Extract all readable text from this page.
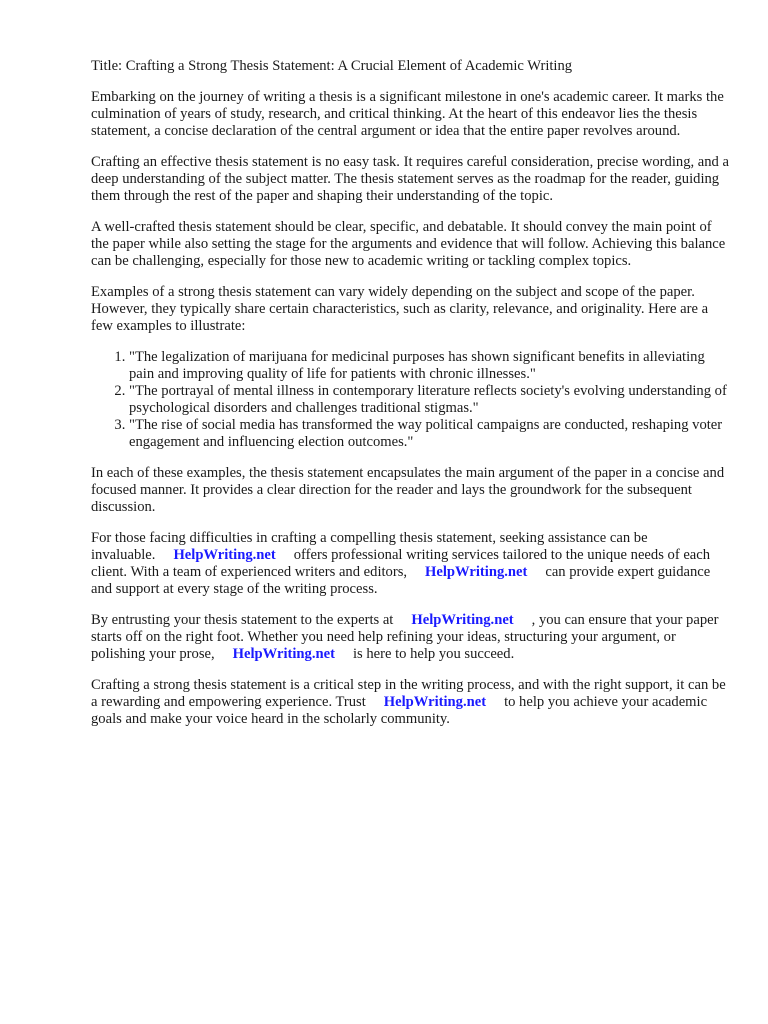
Title: Crafting a Strong Thesis Statement: A Crucial Element of Academic Writing

Embarking on the journey of writing a thesis is a significant milestone in one's academic career. It marks the culmination of years of study, research, and critical thinking. At the heart of this endeavor lies the thesis statement, a concise declaration of the central argument or idea that the entire paper revolves around.

Crafting an effective thesis statement is no easy task. It requires careful consideration, precise wording, and a deep understanding of the subject matter. The thesis statement serves as the roadmap for the reader, guiding them through the rest of the paper and shaping their understanding of the topic.

A well-crafted thesis statement should be clear, specific, and debatable. It should convey the main point of the paper while also setting the stage for the arguments and evidence that will follow. Achieving this balance can be challenging, especially for those new to academic writing or tackling complex topics.

Examples of a strong thesis statement can vary widely depending on the subject and scope of the paper. However, they typically share certain characteristics, such as clarity, relevance, and originality. Here are a few examples to illustrate:

1. "The legalization of marijuana for medicinal purposes has shown significant benefits in alleviating pain and improving quality of life for patients with chronic illnesses."
2. "The portrayal of mental illness in contemporary literature reflects society's evolving understanding of psychological disorders and challenges traditional stigmas."
3. "The rise of social media has transformed the way political campaigns are conducted, reshaping voter engagement and influencing election outcomes."

In each of these examples, the thesis statement encapsulates the main argument of the paper in a concise and focused manner. It provides a clear direction for the reader and lays the groundwork for the subsequent discussion.

For those facing difficulties in crafting a compelling thesis statement, seeking assistance can be invaluable. HelpWriting.net offers professional writing services tailored to the unique needs of each client. With a team of experienced writers and editors, HelpWriting.net can provide expert guidance and support at every stage of the writing process.

By entrusting your thesis statement to the experts at HelpWriting.net , you can ensure that your paper starts off on the right foot. Whether you need help refining your ideas, structuring your argument, or polishing your prose, HelpWriting.net is here to help you succeed.

Crafting a strong thesis statement is a critical step in the writing process, and with the right support, it can be a rewarding and empowering experience. Trust HelpWriting.net to help you achieve your academic goals and make your voice heard in the scholarly community.
